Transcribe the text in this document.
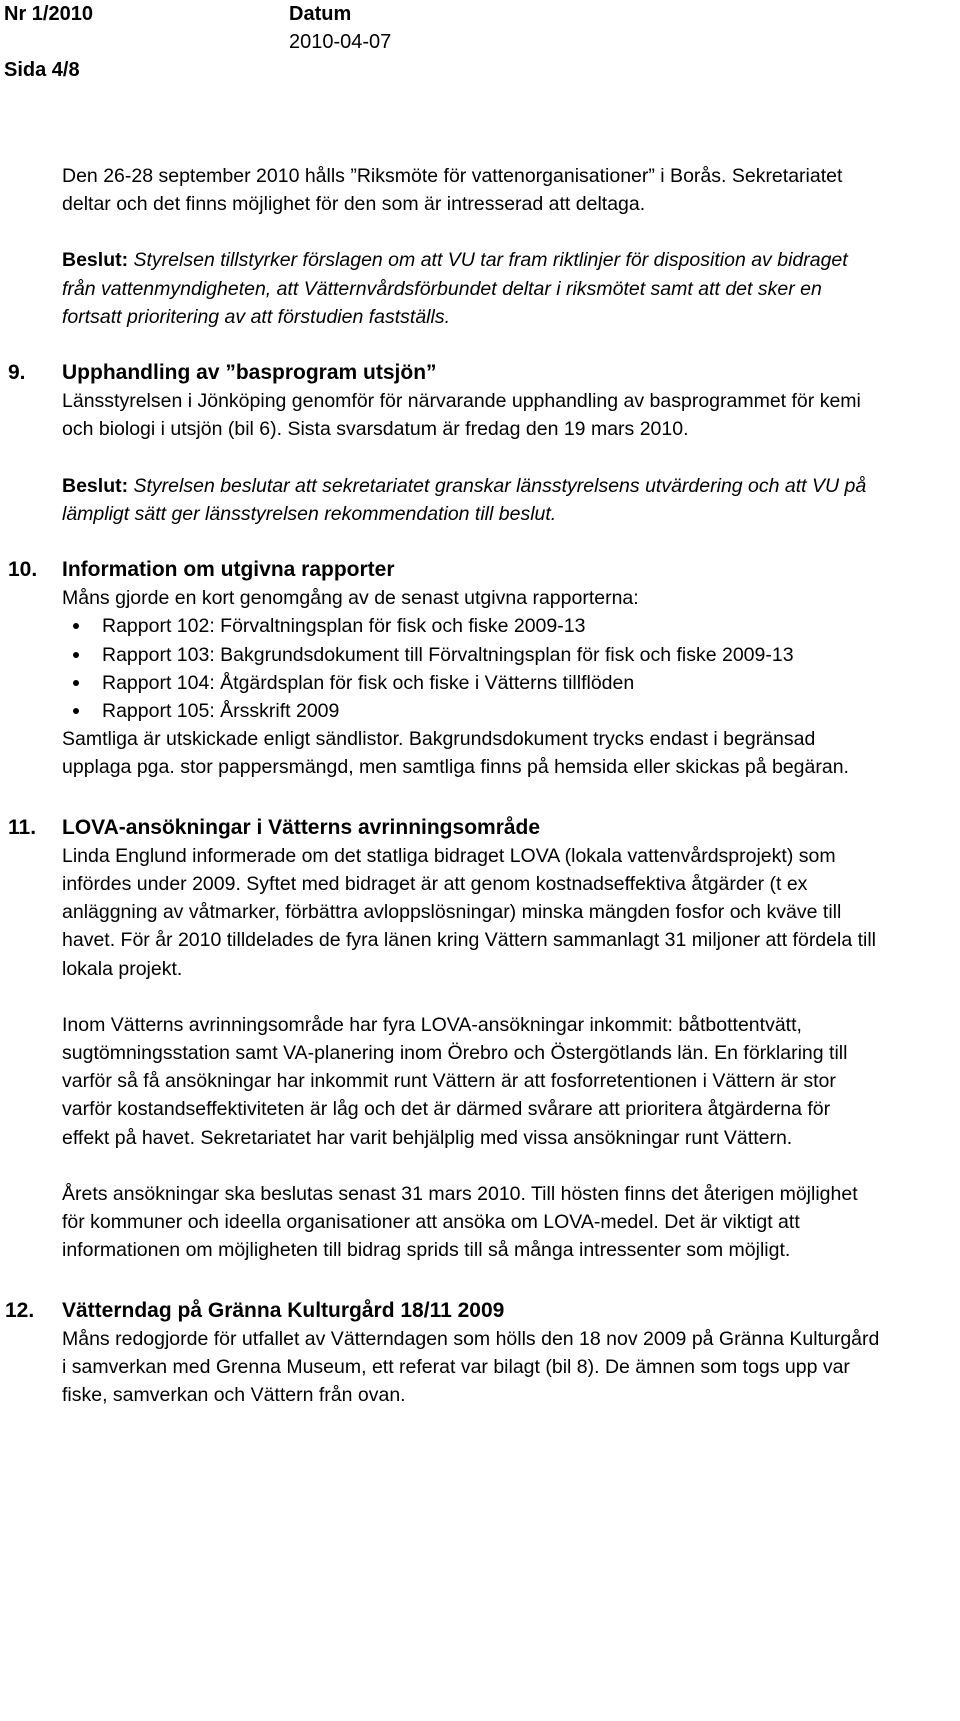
Nr 1/2010
Sida 4/8
Datum
2010-04-07

Den 26-28 september 2010 hålls ”Riksmöte för vattenorganisationer” i Borås. Sekretariatet deltar och det finns möjlighet för den som är intresserad att deltaga.

Beslut: Styrelsen tillstyrker förslagen om att VU tar fram riktlinjer för disposition av bidraget från vattenmyndigheten, att Vätternvårdsförbundet deltar i riksmötet samt att det sker en fortsatt prioritering av att förstudien fastställs.

9. Upphandling av ”basprogram utsjön”

Länsstyrelsen i Jönköping genomför för närvarande upphandling av basprogrammet för kemi och biologi i utsjön (bil 6). Sista svarsdatum är fredag den 19 mars 2010.

Beslut: Styrelsen beslutar att sekretariatet granskar länsstyrelsens utvärdering och att VU på lämpligt sätt ger länsstyrelsen rekommendation till beslut.

10. Information om utgivna rapporter

Måns gjorde en kort genomgång av de senast utgivna rapporterna:

Rapport 102: Förvaltningsplan för fisk och fiske 2009-13
Rapport 103: Bakgrundsdokument till Förvaltningsplan för fisk och fiske 2009-13
Rapport 104: Åtgärdsplan för fisk och fiske i Vätterns tillflöden
Rapport 105: Årsskrift 2009

Samtliga är utskickade enligt sändlistor. Bakgrundsdokument trycks endast i begränsad upplaga pga. stor pappersmängd, men samtliga finns på hemsida eller skickas på begäran.

11. LOVA-ansökningar i Vätterns avrinningsområde

Linda Englund informerade om det statliga bidraget LOVA (lokala vattenvårdsprojekt) som infördes under 2009. Syftet med bidraget är att genom kostnadseffektiva åtgärder (t ex anläggning av våtmarker, förbättra avloppslösningar) minska mängden fosfor och kväve till havet. För år 2010 tilldelades de fyra länen kring Vättern sammanlagt 31 miljoner att fördela till lokala projekt.

Inom Vätterns avrinningsområde har fyra LOVA-ansökningar inkommit: båtbottentvätt, sugtömningsstation samt VA-planering inom Örebro och Östergötlands län. En förklaring till varför så få ansökningar har inkommit runt Vättern är att fosforretentionen i Vättern är stor varför kostandseffektiviteten är låg och det är därmed svårare att prioritera åtgärderna för effekt på havet. Sekretariatet har varit behjälplig med vissa ansökningar runt Vättern.

Årets ansökningar ska beslutas senast 31 mars 2010. Till hösten finns det återigen möjlighet för kommuner och ideella organisationer att ansöka om LOVA-medel. Det är viktigt att informationen om möjligheten till bidrag sprids till så många intressenter som möjligt.

12. Vätterndag på Gränna Kulturgård 18/11 2009

Måns redogjorde för utfallet av Vätterndagen som hölls den 18 nov 2009 på Gränna Kulturgård i samverkan med Grenna Museum, ett referat var bilagt (bil 8). De ämnen som togs upp var fiske, samverkan och Vättern från ovan.
